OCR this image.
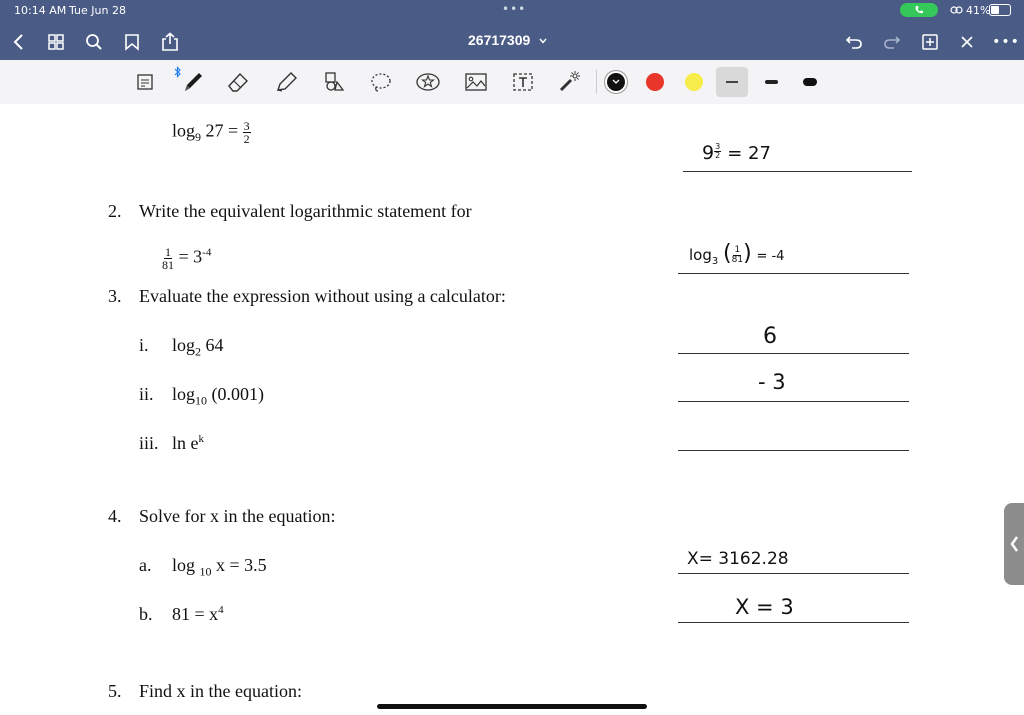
10:14 AM Tue Jun 28	•••	41%
26717309	•••
$\log_9 27 = \frac{3}{2}$
9 $^{\frac{3}{2}}$ = 27
2. Write the equivalent logarithmic statement for
$\frac{1}{81} = 3^{-4}$	$\log_3$ ( $\frac{1}{81}$ ) = -4
3. Evaluate the expression without using a calculator:
i. $\log_2 64$	6
ii. $\log_{10} (0.001)$	- 3
iii. $\ln e^k$
4. Solve for x in the equation:
a. log $_{10}$ x = 3.5	X= 3162.28
b. $81 = x^4$	X = 3
5. Find x in the equation:
